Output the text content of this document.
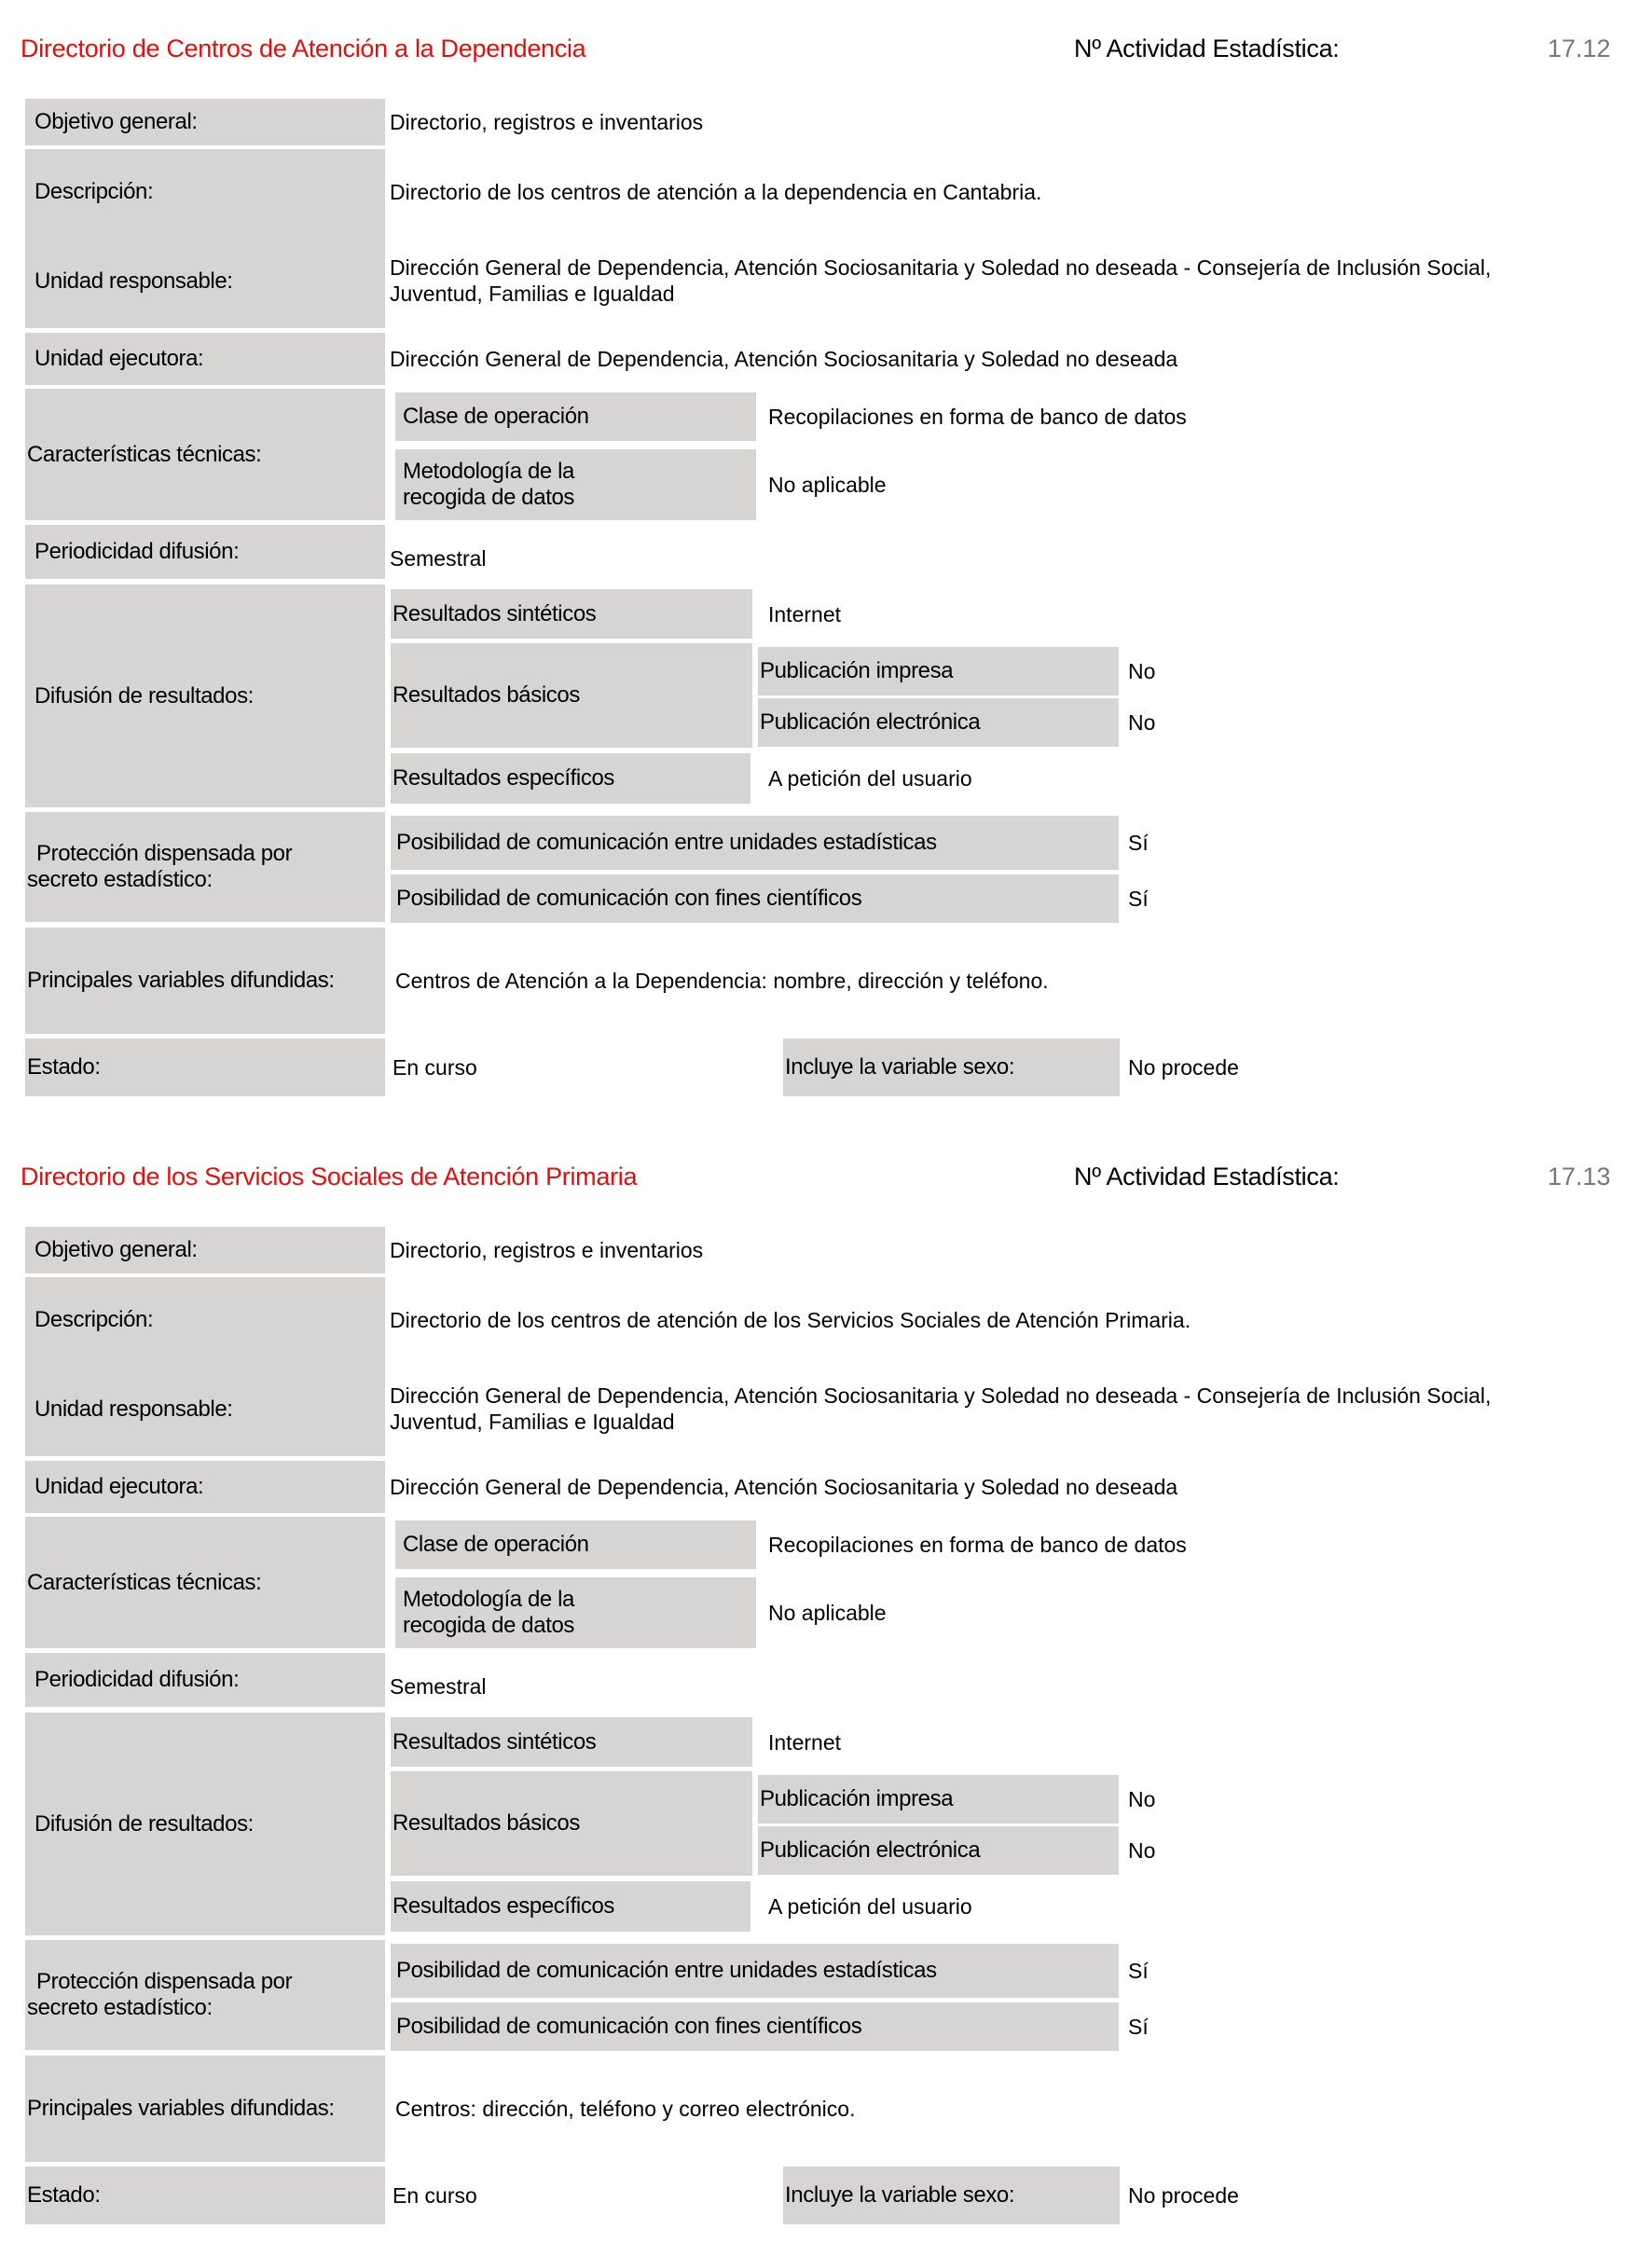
Directorio de Centros de Atención a la Dependencia	Nº Actividad Estadística:	17.12
Objetivo general:	Directorio, registros e inventarios
Descripción:	Directorio de los centros de atención a la dependencia en Cantabria.
Unidad responsable:
Dirección General de Dependencia, Atención Sociosanitaria y Soledad no deseada - Consejería de Inclusión Social,
Juventud, Familias e Igualdad
Unidad ejecutora:	Dirección General de Dependencia, Atención Sociosanitaria y Soledad no deseada
Características técnicas:
Clase de operación	Recopilaciones en forma de banco de datos
Metodología de la
recogida de datos	No aplicable
Periodicidad difusión:	Semestral
Difusión de resultados:
Resultados sintéticos	Internet
Resultados básicos
Publicación impresa	No
Publicación electrónica	No
Resultados específicos	A petición del usuario
Protección dispensada por
secreto estadístico:
Posibilidad de comunicación entre unidades estadísticas	Sí
Posibilidad de comunicación con fines científicos	Sí
Principales variables difundidas:	Centros de Atención a la Dependencia: nombre, dirección y teléfono.
Estado:	En curso	Incluye la variable sexo:	No procede
Directorio de los Servicios Sociales de Atención Primaria	Nº Actividad Estadística:	17.13
Objetivo general:	Directorio, registros e inventarios
Descripción:	Directorio de los centros de atención de los Servicios Sociales de Atención Primaria.
Unidad responsable:
Dirección General de Dependencia, Atención Sociosanitaria y Soledad no deseada - Consejería de Inclusión Social,
Juventud, Familias e Igualdad
Unidad ejecutora:	Dirección General de Dependencia, Atención Sociosanitaria y Soledad no deseada
Características técnicas:
Clase de operación	Recopilaciones en forma de banco de datos
Metodología de la
recogida de datos	No aplicable
Periodicidad difusión:	Semestral
Difusión de resultados:
Resultados sintéticos	Internet
Resultados básicos
Publicación impresa	No
Publicación electrónica	No
Resultados específicos	A petición del usuario
Protección dispensada por
secreto estadístico:
Posibilidad de comunicación entre unidades estadísticas	Sí
Posibilidad de comunicación con fines científicos	Sí
Principales variables difundidas:	Centros: dirección, teléfono y correo electrónico.
Estado:	En curso	Incluye la variable sexo:	No procede
